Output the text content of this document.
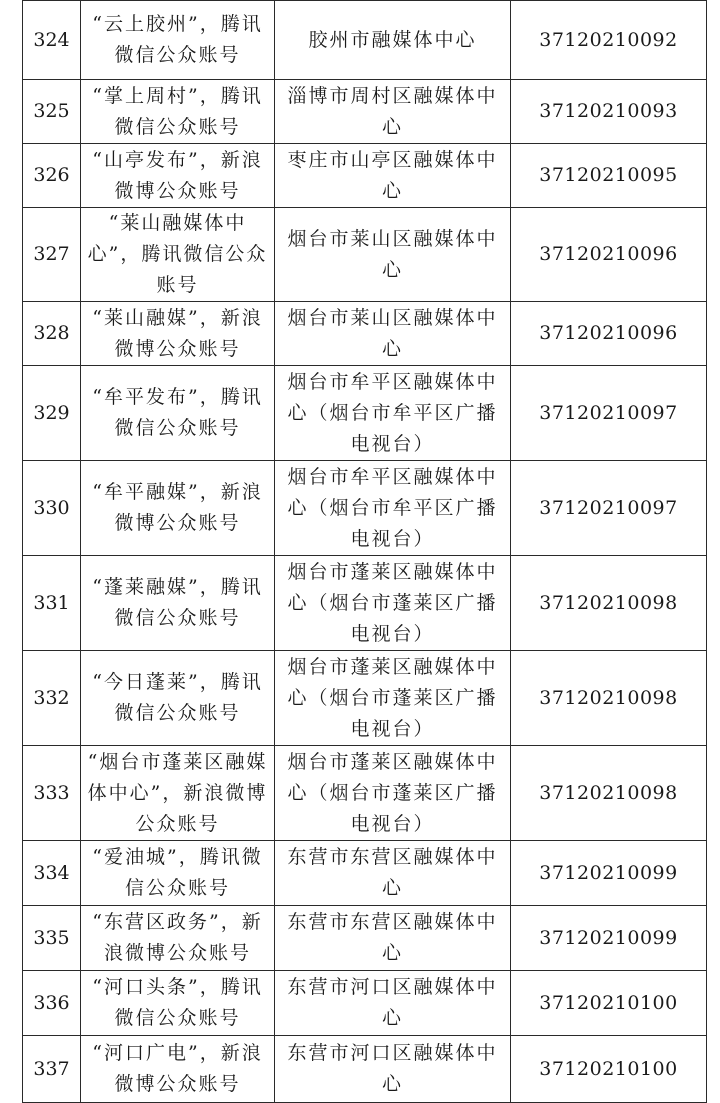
324	“云上胶州”，腾讯微信公众账号	胶州市融媒体中心	37120210092
325	“掌上周村”，腾讯微信公众账号	淄博市周村区融媒体中心	37120210093
326	“山亭发布”，新浪微博公众账号	枣庄市山亭区融媒体中心	37120210095
327	“莱山融媒体中心”，腾讯微信公众账号	烟台市莱山区融媒体中心	37120210096
328	“莱山融媒”，新浪微博公众账号	烟台市莱山区融媒体中心	37120210096
329	“牟平发布”，腾讯微信公众账号	烟台市牟平区融媒体中心（烟台市牟平区广播电视台）	37120210097
330	“牟平融媒”，新浪微博公众账号	烟台市牟平区融媒体中心（烟台市牟平区广播电视台）	37120210097
331	“蓬莱融媒”，腾讯微信公众账号	烟台市蓬莱区融媒体中心（烟台市蓬莱区广播电视台）	37120210098
332	“今日蓬莱”，腾讯微信公众账号	烟台市蓬莱区融媒体中心（烟台市蓬莱区广播电视台）	37120210098
333	“烟台市蓬莱区融媒体中心”，新浪微博公众账号	烟台市蓬莱区融媒体中心（烟台市蓬莱区广播电视台）	37120210098
334	“爱油城”，腾讯微信公众账号	东营市东营区融媒体中心	37120210099
335	“东营区政务”，新浪微博公众账号	东营市东营区融媒体中心	37120210099
336	“河口头条”，腾讯微信公众账号	东营市河口区融媒体中心	37120210100
337	“河口广电”，新浪微博公众账号	东营市河口区融媒体中心	37120210100
